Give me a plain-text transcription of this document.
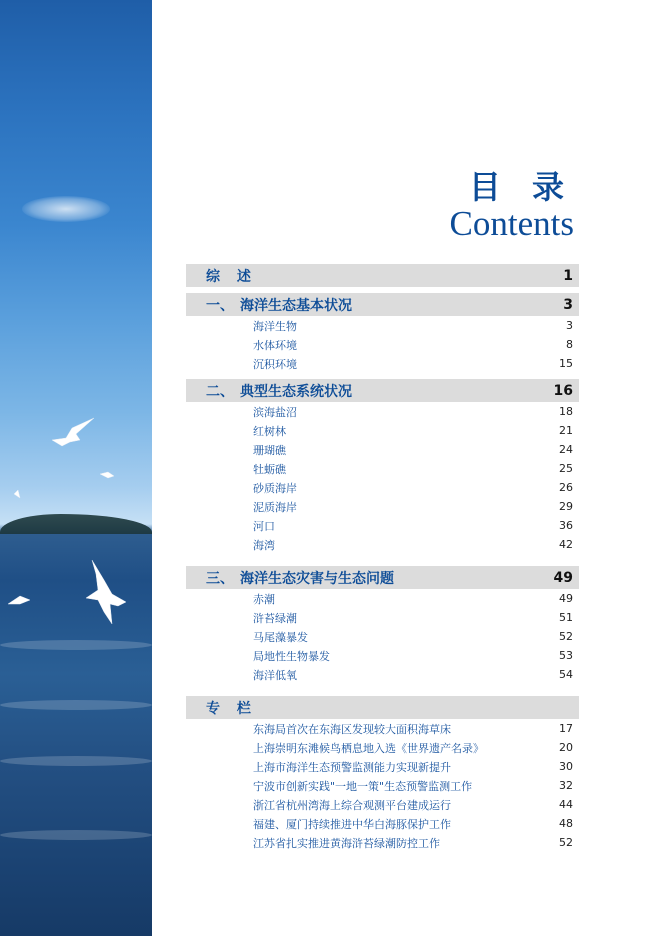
目 录
Contents
综 述	1
一、 海洋生态基本状况	3
海洋生物	3
水体环境	8
沉积环境	15
二、 典型生态系统状况	16
滨海盐沼	18
红树林	21
珊瑚礁	24
牡蛎礁	25
砂质海岸	26
泥质海岸	29
河口	36
海湾	42
三、 海洋生态灾害与生态问题	49
赤潮	49
浒苔绿潮	51
马尾藻暴发	52
局地性生物暴发	53
海洋低氧	54
专 栏
东海局首次在东海区发现较大面积海草床	17
上海崇明东滩候鸟栖息地入选《世界遗产名录》	20
上海市海洋生态预警监测能力实现新提升	30
宁波市创新实践"一地一策"生态预警监测工作	32
浙江省杭州湾海上综合观测平台建成运行	44
福建、厦门持续推进中华白海豚保护工作	48
江苏省扎实推进黄海浒苔绿潮防控工作	52
